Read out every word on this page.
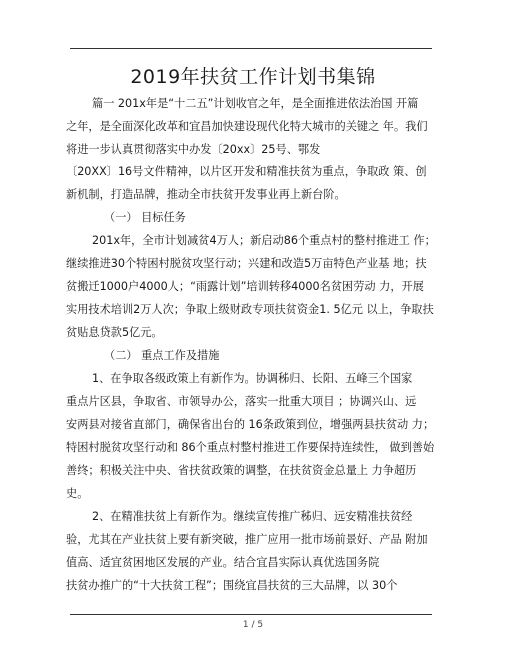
2019年扶贫工作计划书集锦
篇一 201x年是“十二五”计划收官之年，是全面推进依法治国 开篇
之年，是全面深化改革和宜昌加快建设现代化特大城市的关键之 年。我们
将进一步认真贯彻落实中办发〔20xx〕25号、鄂发
〔20XX〕16号文件精神，以片区开发和精准扶贫为重点，争取政 策、创
新机制，打造品牌，推动全市扶贫开发事业再上新台阶。
（一） 目标任务
201x年，全市计划减贫4万人；新启动86个重点村的整村推进工 作；
继续推进30个特困村脱贫攻坚行动；兴建和改造5万亩特色产业基 地；扶
贫搬迁1000户4000人；“雨露计划”培训转移4000名贫困劳动 力，开展
实用技术培训2万人次；争取上级财政专项扶贫资金1. 5亿元 以上，争取扶
贫贴息贷款5亿元。
（二） 重点工作及措施
1、在争取各级政策上有新作为。协调秭归、长阳、五峰三个国家
重点片区县，争取省、市领导办公，落实一批重大项目 ；协调兴山、远
安两县对接省直部门，确保省出台的 16条政策到位，增强两县扶贫动 力；
特困村脱贫攻坚行动和 86个重点村整村推进工作要保持连续性， 做到善始
善终；积极关注中央、省扶贫政策的调整，在扶贫资金总量上 力争超历
史。
2、在精准扶贫上有新作为。继续宣传推广秭归、远安精准扶贫经
验，尤其在产业扶贫上要有新突破，推广应用一批市场前景好、产品 附加
值高、适宜贫困地区发展的产业。结合宜昌实际认真优选国务院
扶贫办推广的“十大扶贫工程”；围绕宜昌扶贫的三大品牌，以 30个
1 / 5
